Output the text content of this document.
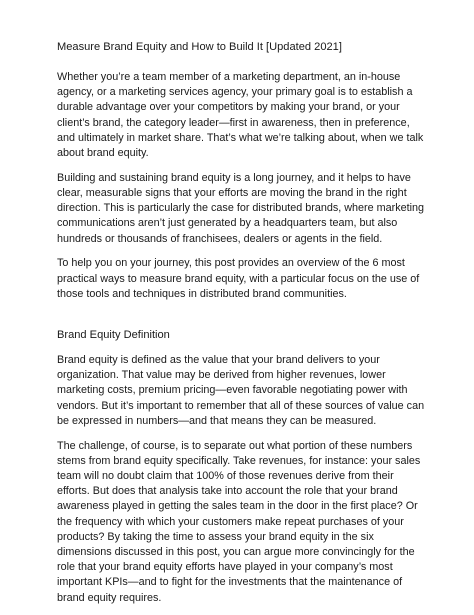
Measure Brand Equity and How to Build It [Updated 2021]

Whether you’re a team member of a marketing department, an in-house agency, or a marketing services agency, your primary goal is to establish a durable advantage over your competitors by making your brand, or your client’s brand, the category leader—first in awareness, then in preference, and ultimately in market share. That’s what we’re talking about, when we talk about brand equity.

Building and sustaining brand equity is a long journey, and it helps to have clear, measurable signs that your efforts are moving the brand in the right direction. This is particularly the case for distributed brands, where marketing communications aren’t just generated by a headquarters team, but also hundreds or thousands of franchisees, dealers or agents in the field.

To help you on your journey, this post provides an overview of the 6 most practical ways to measure brand equity, with a particular focus on the use of those tools and techniques in distributed brand communities.

Brand Equity Definition

Brand equity is defined as the value that your brand delivers to your organization. That value may be derived from higher revenues, lower marketing costs, premium pricing—even favorable negotiating power with vendors. But it’s important to remember that all of these sources of value can be expressed in numbers—and that means they can be measured.

The challenge, of course, is to separate out what portion of these numbers stems from brand equity specifically. Take revenues, for instance: your sales team will no doubt claim that 100% of those revenues derive from their efforts. But does that analysis take into account the role that your brand awareness played in getting the sales team in the door in the first place? Or the frequency with which your customers make repeat purchases of your products? By taking the time to assess your brand equity in the six dimensions discussed in this post, you can argue more convincingly for the role that your brand equity efforts have played in your company’s most important KPIs—and to fight for the investments that the maintenance of brand equity requires.
